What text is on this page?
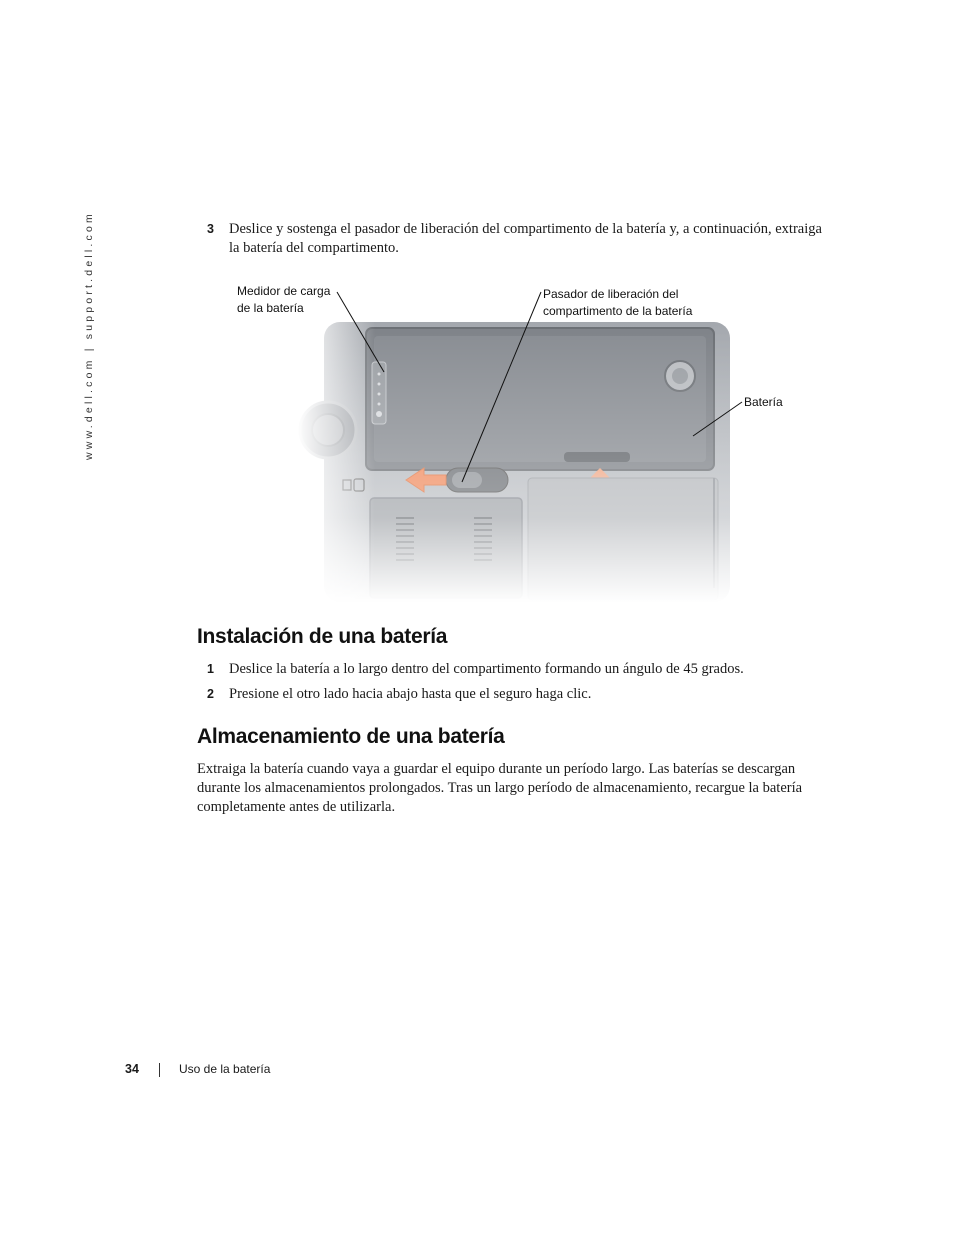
www.dell.com | support.dell.com	3 Deslice y sostenga el pasador de liberación del compartimento de la batería y, a continuación, extraiga la batería del compartimento.
Medidor de carga
de la batería
Pasador de liberación del
compartimento de la batería
Batería
Instalación de una batería
1 Deslice la batería a lo largo dentro del compartimento formando un ángulo de 45 grados.
2 Presione el otro lado hacia abajo hasta que el seguro haga clic.
Almacenamiento de una batería
Extraiga la batería cuando vaya a guardar el equipo durante un período largo. Las baterías se descargan durante los almacenamientos prolongados. Tras un largo período de almacenamiento, recargue la batería completamente antes de utilizarla.
34	Uso de la batería
